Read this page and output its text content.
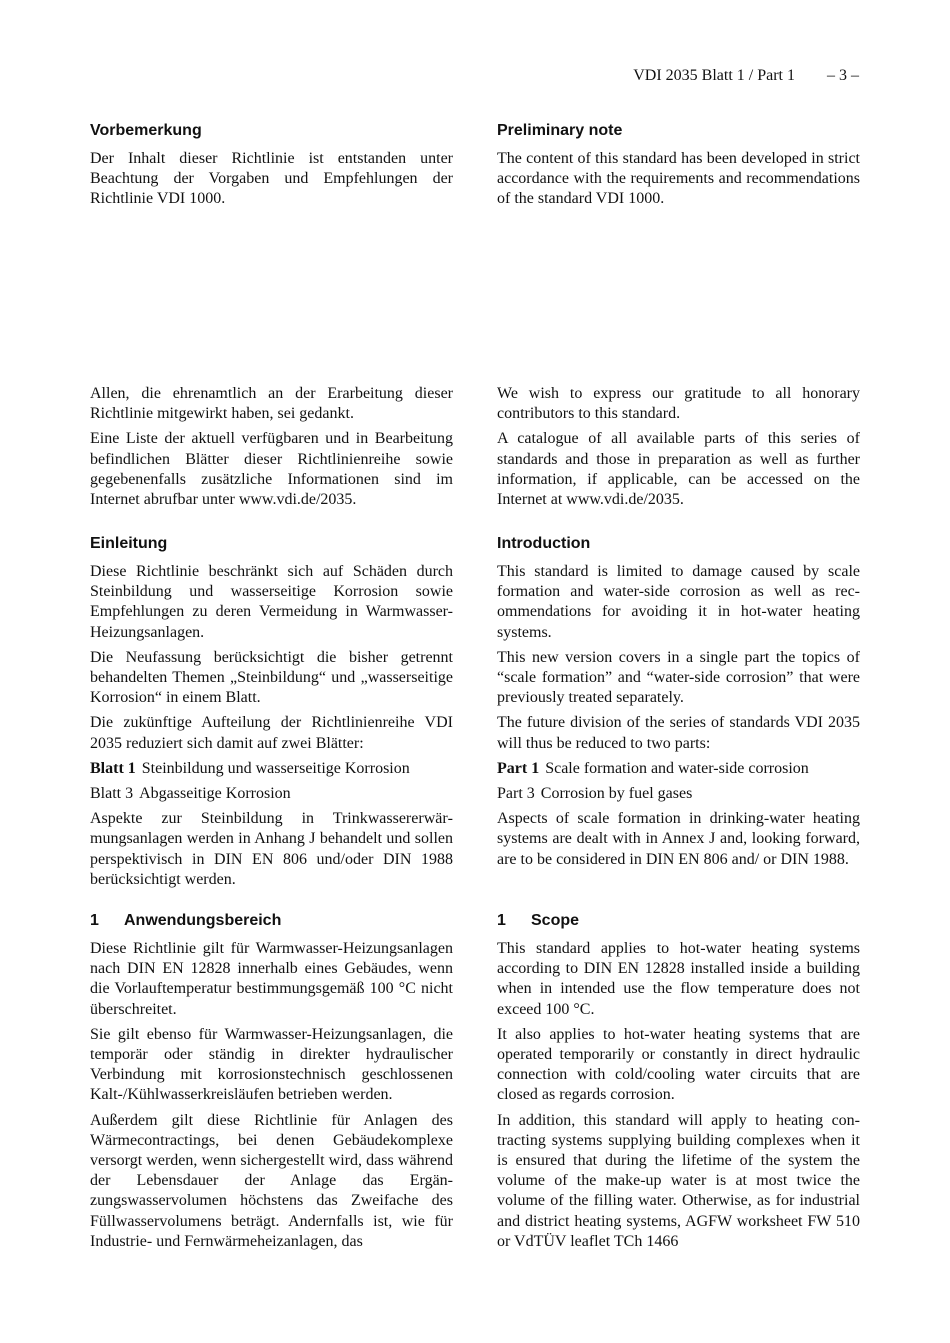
VDI 2035 Blatt 1 / Part 1 – 3 –
Vorbemerkung

Der Inhalt dieser Richtlinie ist entstanden unter Beachtung der Vorgaben und Empfehlungen der Richtlinie VDI 1000.

Allen, die ehrenamtlich an der Erarbeitung dieser Richtlinie mitgewirkt haben, sei gedankt.

Eine Liste der aktuell verfügbaren und in Bearbeitung befindlichen Blätter dieser Richtlinienreihe sowie gegebenenfalls zusätzliche Informationen sind im Internet abrufbar unter www.vdi.de/2035.

Einleitung

Diese Richtlinie beschränkt sich auf Schäden durch Steinbildung und wasserseitige Korrosion sowie Empfehlungen zu deren Vermeidung in Warmwasser-Heizungsanlagen.

Die Neufassung berücksichtigt die bisher getrennt behandelten Themen „Steinbildung“ und „wasserseitige Korrosion“ in einem Blatt.

Die zukünftige Aufteilung der Richtlinienreihe VDI 2035 reduziert sich damit auf zwei Blätter:

Blatt 1 Steinbildung und wasserseitige Korrosion

Blatt 3 Abgasseitige Korrosion

Aspekte zur Steinbildung in Trinkwassererwärmungsanlagen werden in Anhang J behandelt und sollen perspektivisch in DIN EN 806 und/oder DIN 1988 berücksichtigt werden.

1 Anwendungsbereich

Diese Richtlinie gilt für Warmwasser-Heizungsanlagen nach DIN EN 12828 innerhalb eines Gebäudes, wenn die Vorlauftemperatur bestimmungsgemäß 100 °C nicht überschreitet.

Sie gilt ebenso für Warmwasser-Heizungsanlagen, die temporär oder ständig in direkter hydraulischer Verbindung mit korrosionstechnisch geschlossenen Kalt-/Kühlwasserkreisläufen betrieben werden.

Außerdem gilt diese Richtlinie für Anlagen des Wärmecontractings, bei denen Gebäudekomplexe versorgt werden, wenn sichergestellt wird, dass während der Lebensdauer der Anlage das Ergänzungswasservolumen höchstens das Zweifache des Füllwasservolumens beträgt. Andernfalls ist, wie für Industrie- und Fernwärmeheizanlagen, das

Preliminary note

The content of this standard has been developed in strict accordance with the requirements and recommendations of the standard VDI 1000.

We wish to express our gratitude to all honorary contributors to this standard.

A catalogue of all available parts of this series of standards and those in preparation as well as further information, if applicable, can be accessed on the Internet at www.vdi.de/2035.

Introduction

This standard is limited to damage caused by scale formation and water-side corrosion as well as recommendations for avoiding it in hot-water heating systems.

This new version covers in a single part the topics of “scale formation” and “water-side corrosion” that were previously treated separately.

The future division of the series of standards VDI 2035 will thus be reduced to two parts:

Part 1 Scale formation and water-side corrosion

Part 3 Corrosion by fuel gases

Aspects of scale formation in drinking-water heating systems are dealt with in Annex J and, looking forward, are to be considered in DIN EN 806 and/ or DIN 1988.

1 Scope

This standard applies to hot-water heating systems according to DIN EN 12828 installed inside a building when in intended use the flow temperature does not exceed 100 °C.

It also applies to hot-water heating systems that are operated temporarily or constantly in direct hydraulic connection with cold/cooling water circuits that are closed as regards corrosion.

In addition, this standard will apply to heating contracting systems supplying building complexes when it is ensured that during the lifetime of the system the volume of the make-up water is at most twice the volume of the filling water. Otherwise, as for industrial and district heating systems, AGFW worksheet FW 510 or VdTÜV leaflet TCh 1466
